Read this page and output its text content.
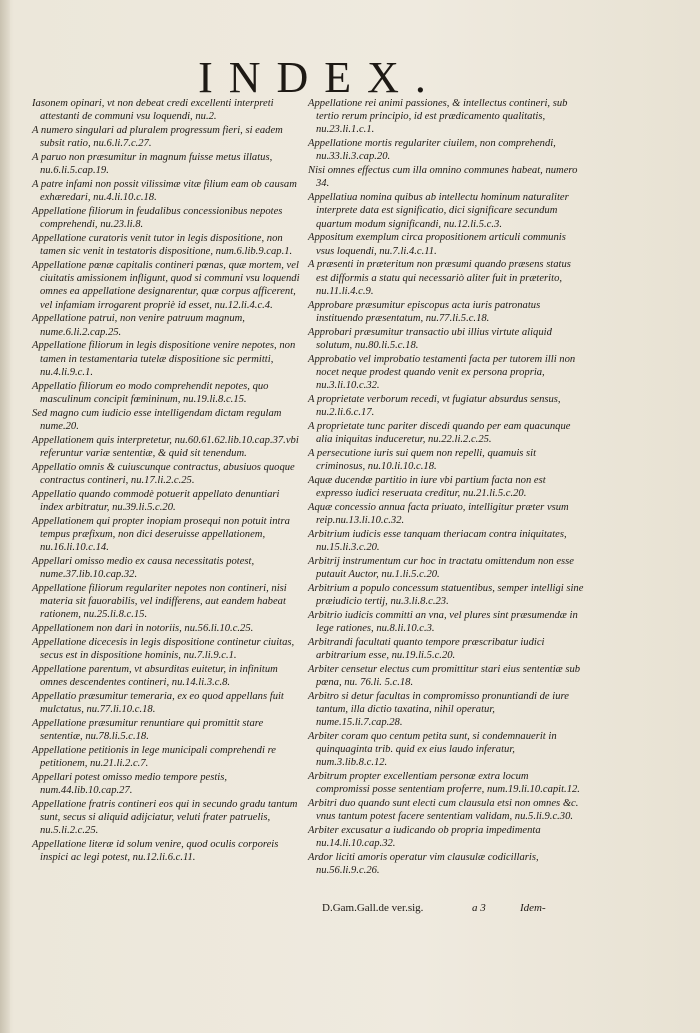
INDEX.

Iasonem opinari, vt non debeat credi excellenti interpreti attestanti de communi vsu loquendi, nu.2.

A numero singulari ad pluralem progressum fieri, si eadem subsit ratio, nu.6.li.7.c.27.

A paruo non præsumitur in magnum fuisse metus illatus, nu.6.li.5.cap.19.

A patre infami non possit vilissimæ vitæ filium eam ob causam exhæredari, nu.4.li.10.c.18.

Appellatione filiorum in feudalibus concessionibus nepotes comprehendi, nu.23.li.8.

Appellatione curatoris venit tutor in legis dispositione, non tamen sic venit in testatoris dispositione, num.6.lib.9.cap.1.

Appellatione pœnæ capitalis contineri pœnas, quæ mortem, vel ciuitatis amissionem infligunt, quod si communi vsu loquendi omnes ea appellatione designarentur, quæ corpus afficerent, vel infamiam irrogarent propriè id esset, nu.12.li.4.c.4.

Appellatione patrui, non venire patruum magnum, nume.6.li.2.cap.25.

Appellatione filiorum in legis dispositione venire nepotes, non tamen in testamentaria tutelæ dispositione sic permitti, nu.4.li.9.c.1.

Appellatio filiorum eo modo comprehendit nepotes, quo masculinum concipit fœmininum, nu.19.li.8.c.15.

Sed magno cum iudicio esse intelligendam dictam regulam nume.20.

Appellationem quis interpretetur, nu.60.61.62.lib.10.cap.37.vbi referuntur variæ sententiæ, & quid sit tenendum.

Appellatio omnis & cuiuscunque contractus, abusiuos quoque contractus contineri, nu.17.li.2.c.25.

Appellatio quando commodè potuerit appellato denuntiari index arbitratur, nu.39.li.5.c.20.

Appellationem qui propter inopiam prosequi non potuit intra tempus præfixum, non dici deseruisse appellationem, nu.16.li.10.c.14.

Appellari omisso medio ex causa necessitatis potest, nume.37.lib.10.cap.32.

Appellatione filiorum regulariter nepotes non contineri, nisi materia sit fauorabilis, vel indifferens, aut eandem habeat rationem, nu.25.li.8.c.15.

Appellationem non dari in notoriis, nu.56.li.10.c.25.

Appellatione dicecesis in legis dispositione continetur ciuitas, secus est in dispositione hominis, nu.7.li.9.c.1.

Appellatione parentum, vt absurditas euitetur, in infinitum omnes descendentes contineri, nu.14.li.3.c.8.

Appellatio præsumitur temeraria, ex eo quod appellans fuit mulctatus, nu.77.li.10.c.18.

Appellatione præsumitur renuntiare qui promittit stare sententiæ, nu.78.li.5.c.18.

Appellatione petitionis in lege municipali comprehendi re petitionem, nu.21.li.2.c.7.

Appellari potest omisso medio tempore pestis, num.44.lib.10.cap.27.

Appellatione fratris contineri eos qui in secundo gradu tantum sunt, secus si aliquid adijciatur, veluti frater patruelis, nu.5.li.2.c.25.

Appellatione literæ id solum venire, quod oculis corporeis inspici ac legi potest, nu.12.li.6.c.11.

Appellatione rei animi passiones, & intellectus contineri, sub tertio rerum principio, id est prædicamento qualitatis, nu.23.li.1.c.1.

Appellatione mortis regulariter ciuilem, non comprehendi, nu.33.li.3.cap.20.

Nisi omnes effectus cum illa omnino communes habeat, numero 34.

Appellatiua nomina quibus ab intellectu hominum naturaliter interprete data est significatio, dici significare secundum quartum modum significandi, nu.12.li.5.c.3.

Appositum exemplum circa propositionem articuli communis vsus loquendi, nu.7.li.4.c.11.

A præsenti in præteritum non præsumi quando præsens status est difformis a statu qui necessariò aliter fuit in præterito, nu.11.li.4.c.9.

Approbare præsumitur episcopus acta iuris patronatus instituendo præsentatum, nu.77.li.5.c.18.

Approbari præsumitur transactio ubi illius virtute aliquid solutum, nu.80.li.5.c.18.

Approbatio vel improbatio testamenti facta per tutorem illi non nocet neque prodest quando venit ex persona propria, nu.3.li.10.c.32.

A proprietate verborum recedi, vt fugiatur absurdus sensus, nu.2.li.6.c.17.

A proprietate tunc pariter discedi quando per eam quacunque alia iniquitas induceretur, nu.22.li.2.c.25.

A persecutione iuris sui quem non repelli, quamuis sit criminosus, nu.10.li.10.c.18.

Aquæ ducendæ partitio in iure vbi partium facta non est expresso iudici reseruata creditur, nu.21.li.5.c.20.

Aquæ concessio annua facta priuato, intelligitur præter vsum reip.nu.13.li.10.c.32.

Arbitrium iudicis esse tanquam theriacam contra iniquitates, nu.15.li.3.c.20.

Arbitrij instrumentum cur hoc in tractatu omittendum non esse putauit Auctor, nu.1.li.5.c.20.

Arbitrium a populo concessum statuentibus, semper intelligi sine præiudicio tertij, nu.3.li.8.c.23.

Arbitrio iudicis committi an vna, vel plures sint præsumendæ in lege rationes, nu.8.li.10.c.3.

Arbitrandi facultati quanto tempore præscribatur iudici arbitrarium esse, nu.19.li.5.c.20.

Arbiter censetur electus cum promittitur stari eius sententiæ sub pœna, nu. 76.li. 5.c.18.

Arbitro si detur facultas in compromisso pronuntiandi de iure tantum, illa dictio taxatina, nihil operatur, nume.15.li.7.cap.28.

Arbiter coram quo centum petita sunt, si condemnauerit in quinquaginta trib. quid ex eius laudo inferatur, num.3.lib.8.c.12.

Arbitrum propter excellentiam personæ extra locum compromissi posse sententiam proferre, num.19.li.10.capit.12.

Arbitri duo quando sunt electi cum clausula etsi non omnes &c. vnus tantum potest facere sententiam validam, nu.5.li.9.c.30.

Arbiter excusatur a iudicando ob propria impedimenta nu.14.li.10.cap.32.

Ardor liciti amoris operatur vim clausulæ codicillaris, nu.56.li.9.c.26.

D.Gam.Gall.de ver.sig.	a 3	Idem-
